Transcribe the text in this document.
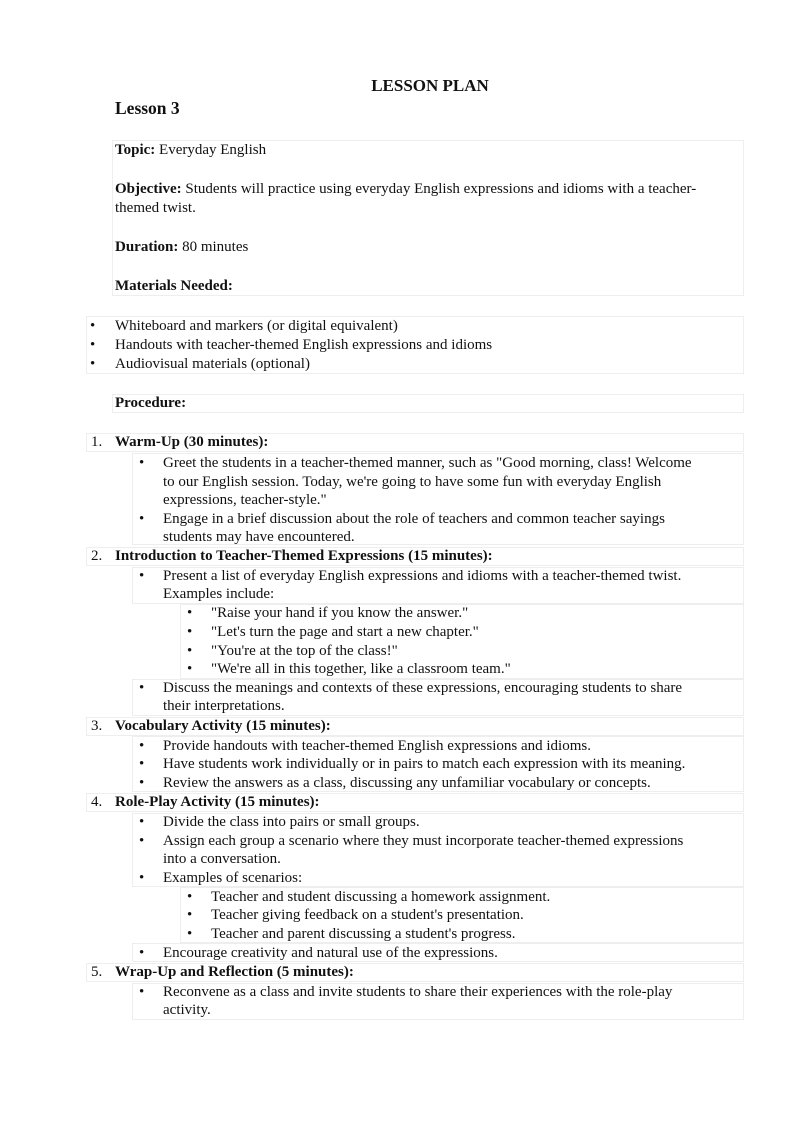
LESSON PLAN
Lesson 3
Topic: Everyday English
Objective: Students will practice using everyday English expressions and idioms with a teacher-
themed twist.
Duration: 80 minutes
Materials Needed:
• Whiteboard and markers (or digital equivalent)
• Handouts with teacher-themed English expressions and idioms
• Audiovisual materials (optional)
Procedure:
1. Warm-Up (30 minutes):
• Greet the students in a teacher-themed manner, such as "Good morning, class! Welcome
to our English session. Today, we're going to have some fun with everyday English
expressions, teacher-style."
• Engage in a brief discussion about the role of teachers and common teacher sayings
students may have encountered.
2. Introduction to Teacher-Themed Expressions (15 minutes):
• Present a list of everyday English expressions and idioms with a teacher-themed twist.
Examples include:
• "Raise your hand if you know the answer."
• "Let's turn the page and start a new chapter."
• "You're at the top of the class!"
• "We're all in this together, like a classroom team."
• Discuss the meanings and contexts of these expressions, encouraging students to share
their interpretations.
3. Vocabulary Activity (15 minutes):
• Provide handouts with teacher-themed English expressions and idioms.
• Have students work individually or in pairs to match each expression with its meaning.
• Review the answers as a class, discussing any unfamiliar vocabulary or concepts.
4. Role-Play Activity (15 minutes):
• Divide the class into pairs or small groups.
• Assign each group a scenario where they must incorporate teacher-themed expressions
into a conversation.
• Examples of scenarios:
• Teacher and student discussing a homework assignment.
• Teacher giving feedback on a student's presentation.
• Teacher and parent discussing a student's progress.
• Encourage creativity and natural use of the expressions.
5. Wrap-Up and Reflection (5 minutes):
• Reconvene as a class and invite students to share their experiences with the role-play
activity.
